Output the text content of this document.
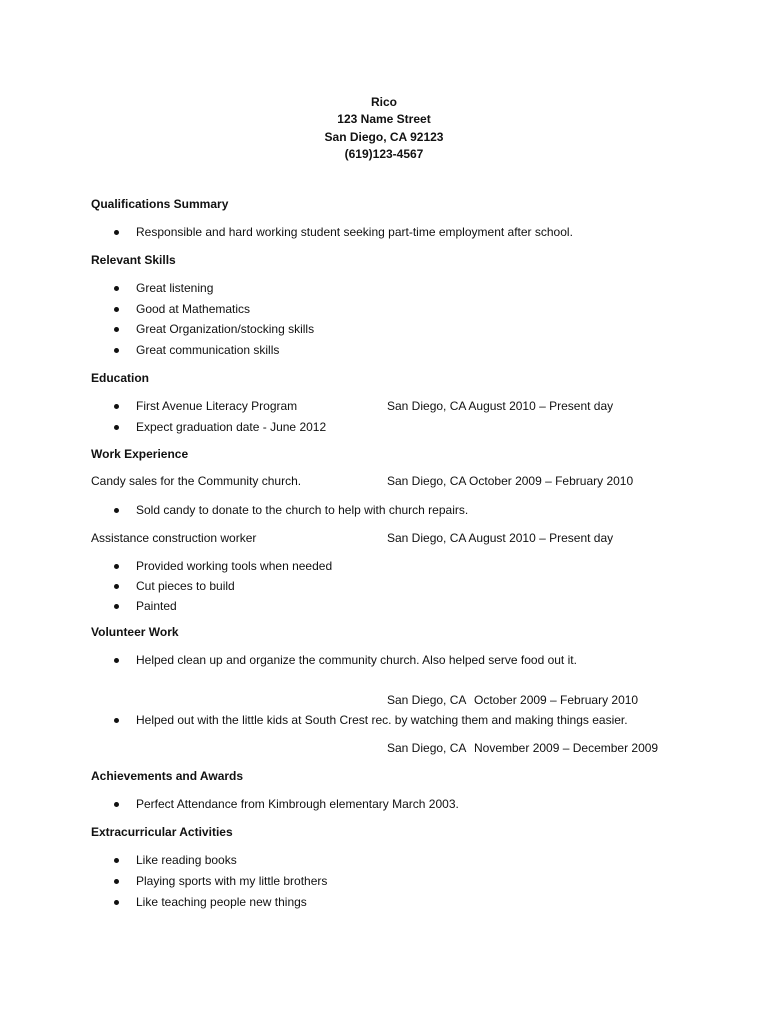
Rico
123 Name Street
San Diego, CA 92123
(619)123-4567
Qualifications Summary
Responsible and hard working student seeking part-time employment after school.
Relevant Skills
Great listening
Good at Mathematics
Great Organization/stocking skills
Great communication skills
Education
First Avenue Literacy Program	San Diego, CA August 2010 – Present day
Expect graduation date - June 2012
Work Experience
Candy sales for the Community church.	San Diego, CA October 2009 – February 2010
Sold candy to donate to the church to help with church repairs.
Assistance construction worker	San Diego, CA August 2010 – Present day
Provided working tools when needed
Cut pieces to build
Painted
Volunteer Work
Helped clean up and organize the community church. Also helped serve food out it.
San Diego, CA October 2009 – February 2010
Helped out with the little kids at South Crest rec. by watching them and making things easier.
San Diego, CA November 2009 – December 2009
Achievements and Awards
Perfect Attendance from Kimbrough elementary March 2003.
Extracurricular Activities
Like reading books
Playing sports with my little brothers
Like teaching people new things
